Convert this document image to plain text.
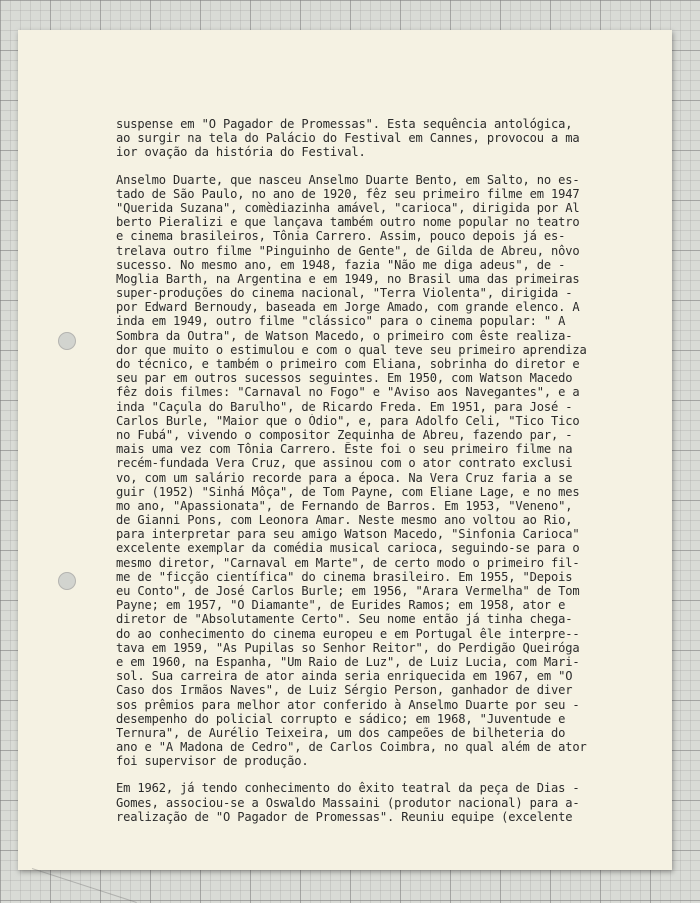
suspense em "O Pagador de Promessas". Esta sequência antológica,
ao surgir na tela do Palácio do Festival em Cannes, provocou a ma
ior ovação da história do Festival.
Anselmo Duarte, que nasceu Anselmo Duarte Bento, em Salto, no es-
tado de São Paulo, no ano de 1920, fêz seu primeiro filme em 1947
"Querida Suzana", comèdiazinha amável, "carioca", dirigida por Al
berto Pieralizi e que lançava também outro nome popular no teatro
e cinema brasileiros, Tônia Carrero. Assim, pouco depois já es-
trelava outro filme "Pinguinho de Gente", de Gilda de Abreu, nôvo
sucesso. No mesmo ano, em 1948, fazia "Não me diga adeus", de -
Moglia Barth, na Argentina e em 1949, no Brasil uma das primeiras
super-produções do cinema nacional, "Terra Violenta", dirigida -
por Edward Bernoudy, baseada em Jorge Amado, com grande elenco. A
inda em 1949, outro filme "clássico" para o cinema popular: " A
Sombra da Outra", de Watson Macedo, o primeiro com êste realiza-
dor que muito o estimulou e com o qual teve seu primeiro aprendiza
do técnico, e também o primeiro com Eliana, sobrinha do diretor e
seu par em outros sucessos seguintes. Em 1950, com Watson Macedo
fêz dois filmes: "Carnaval no Fogo" e "Aviso aos Navegantes", e a
inda "Caçula do Barulho", de Ricardo Freda. Em 1951, para José -
Carlos Burle, "Maior que o Ódio", e, para Adolfo Celi, "Tico Tico
no Fubá", vivendo o compositor Zequinha de Abreu, fazendo par, -
mais uma vez com Tônia Carrero. Êste foi o seu primeiro filme na
recém-fundada Vera Cruz, que assinou com o ator contrato exclusi
vo, com um salário recorde para a época. Na Vera Cruz faria a se
guir (1952) "Sinhá Môça", de Tom Payne, com Eliane Lage, e no mes
mo ano, "Apassionata", de Fernando de Barros. Em 1953, "Veneno",
de Gianni Pons, com Leonora Amar. Neste mesmo ano voltou ao Rio,
para interpretar para seu amigo Watson Macedo, "Sinfonia Carioca"
excelente exemplar da comédia musical carioca, seguindo-se para o
mesmo diretor, "Carnaval em Marte", de certo modo o primeiro fil-
me de "ficção científica" do cinema brasileiro. Em 1955, "Depois
eu Conto", de José Carlos Burle; em 1956, "Arara Vermelha" de Tom
Payne; em 1957, "O Diamante", de Eurides Ramos; em 1958, ator e
diretor de "Absolutamente Certo". Seu nome então já tinha chega-
do ao conhecimento do cinema europeu e em Portugal êle interpre--
tava em 1959, "As Pupilas so Senhor Reitor", do Perdigão Queiróga
e em 1960, na Espanha, "Um Raio de Luz", de Luiz Lucia, com Mari-
sol. Sua carreira de ator ainda seria enriquecida em 1967, em "O
Caso dos Irmãos Naves", de Luiz Sérgio Person, ganhador de diver
sos prêmios para melhor ator conferido à Anselmo Duarte por seu -
desempenho do policial corrupto e sádico; em 1968, "Juventude e
Ternura", de Aurélio Teixeira, um dos campeões de bilheteria do
ano e "A Madona de Cedro", de Carlos Coimbra, no qual além de ator
foi supervisor de produção.
Em 1962, já tendo conhecimento do êxito teatral da peça de Dias -
Gomes, associou-se a Oswaldo Massaini (produtor nacional) para a-
realização de "O Pagador de Promessas". Reuniu equipe (excelente
